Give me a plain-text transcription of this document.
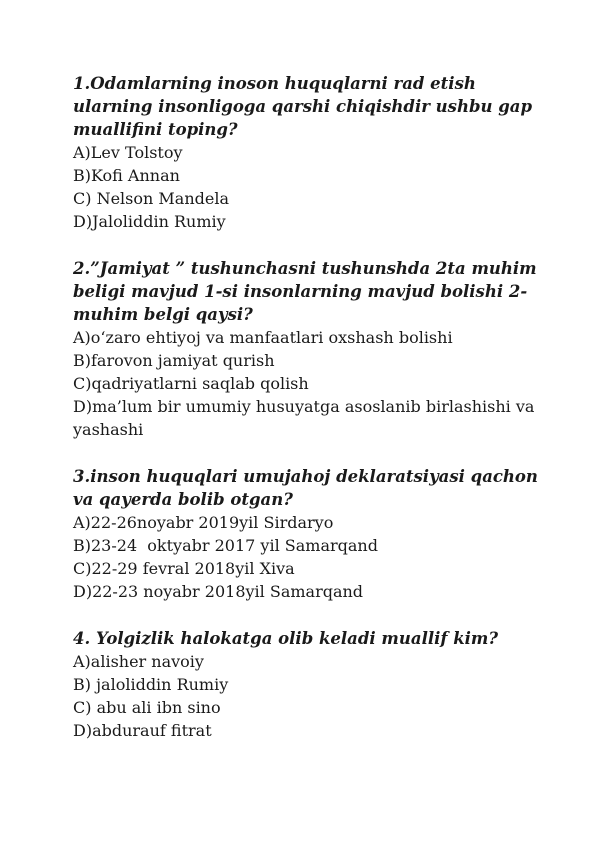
1.Odamlarning inoson huquqlarni rad etish ularning insonligoga qarshi chiqishdir ushbu gap muallifini toping?

A)Lev Tolstoy

B)Kofi Annan

C) Nelson Mandela

D)Jaloliddin Rumiy

2.”Jamiyat ” tushunchasni tushunshda 2ta muhim beligi mavjud 1-si insonlarning mavjud bolishi 2-muhim belgi qaysi?

A)o‘zaro ehtiyoj va manfaatlari oxshash bolishi

B)farovon jamiyat qurish

C)qadriyatlarni saqlab qolish

D)ma’lum bir umumiy husuyatga asoslanib birlashishi va yashashi

3.inson huquqlari umujahoj deklaratsiyasi qachon va qayerda bolib otgan?

A)22-26noyabr 2019yil Sirdaryo

B)23-24  oktyabr 2017 yil Samarqand

C)22-29 fevral 2018yil Xiva

D)22-23 noyabr 2018yil Samarqand

4. Yolgizlik halokatga olib keladi muallif kim?

A)alisher navoiy

B) jaloliddin Rumiy

C) abu ali ibn sino

D)abdurauf fitrat
